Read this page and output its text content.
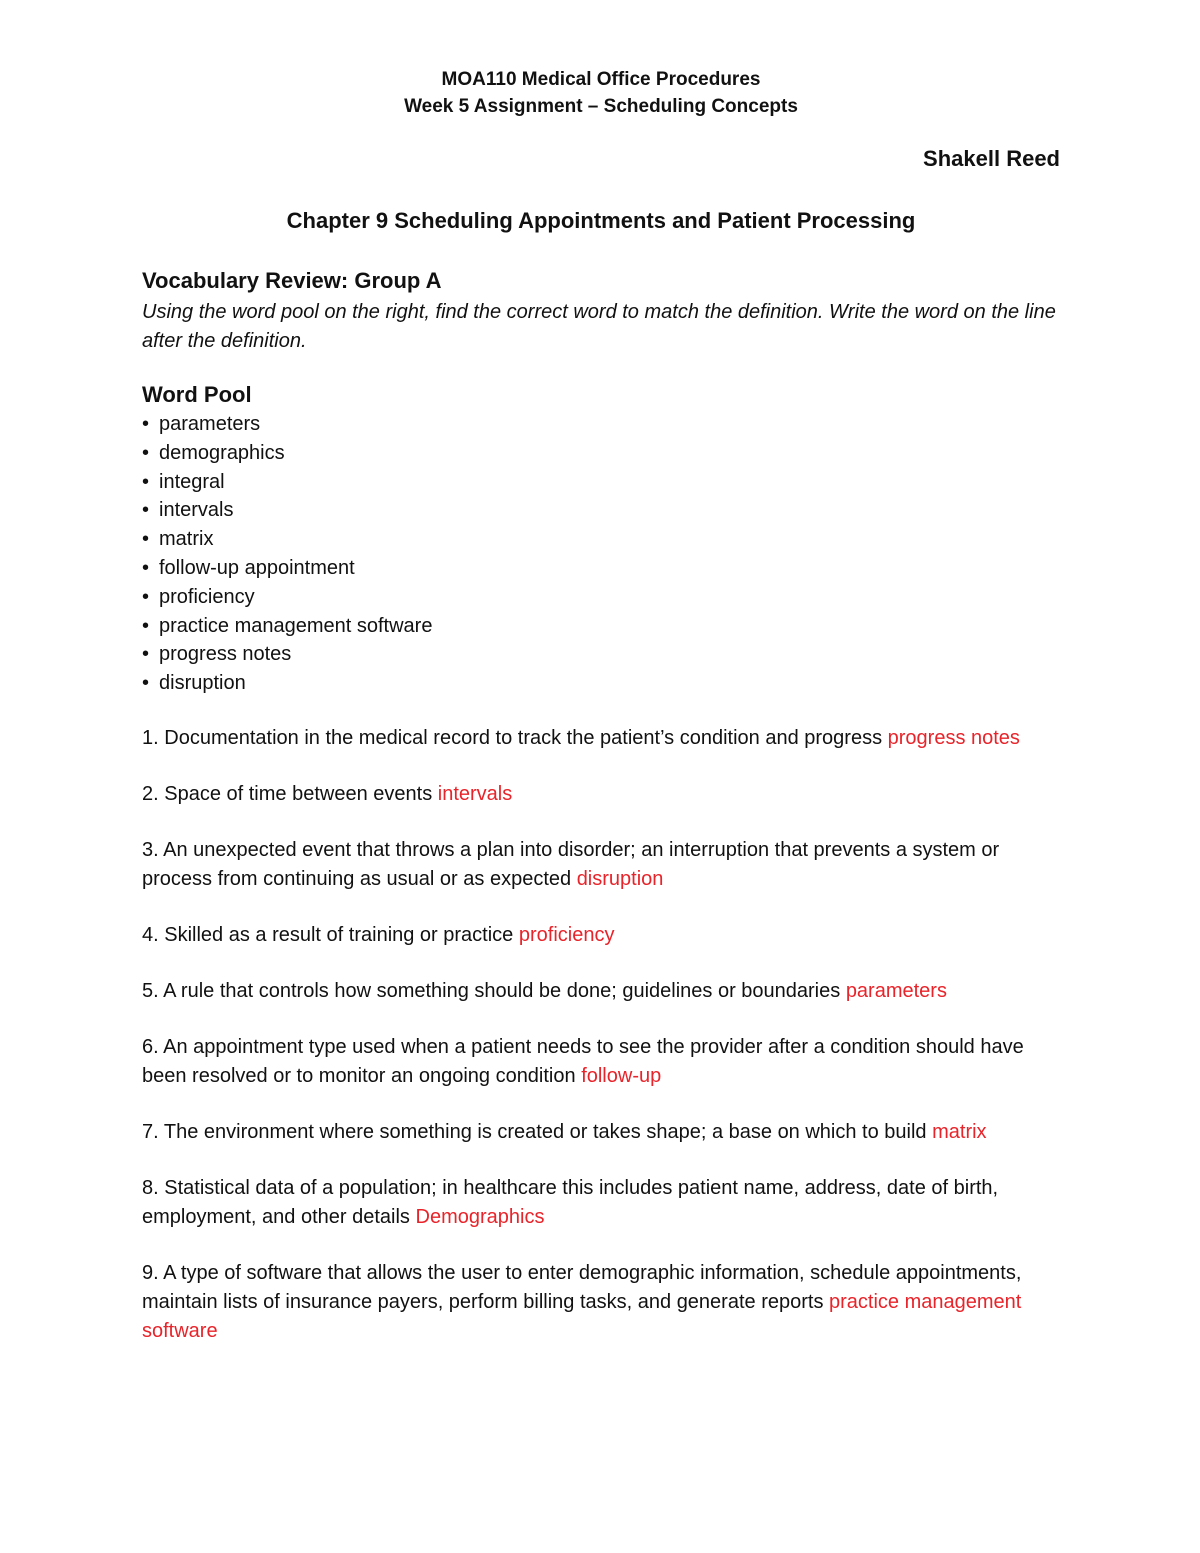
MOA110 Medical Office Procedures

Week 5 Assignment – Scheduling Concepts

Shakell Reed

Chapter 9 Scheduling Appointments and Patient Processing

Vocabulary Review: Group A

Using the word pool on the right, find the correct word to match the definition. Write the word on the line after the definition.

Word Pool

• parameters
• demographics
• integral
• intervals
• matrix
• follow-up appointment
• proficiency
• practice management software
• progress notes
• disruption

1. Documentation in the medical record to track the patient’s condition and progress progress notes

2. Space of time between events intervals

3. An unexpected event that throws a plan into disorder; an interruption that prevents a system or process from continuing as usual or as expected disruption

4. Skilled as a result of training or practice proficiency

5. A rule that controls how something should be done; guidelines or boundaries parameters

6. An appointment type used when a patient needs to see the provider after a condition should have been resolved or to monitor an ongoing condition follow-up

7. The environment where something is created or takes shape; a base on which to build matrix

8. Statistical data of a population; in healthcare this includes patient name, address, date of birth, employment, and other details Demographics

9. A type of software that allows the user to enter demographic information, schedule appointments, maintain lists of insurance payers, perform billing tasks, and generate reports practice management software
